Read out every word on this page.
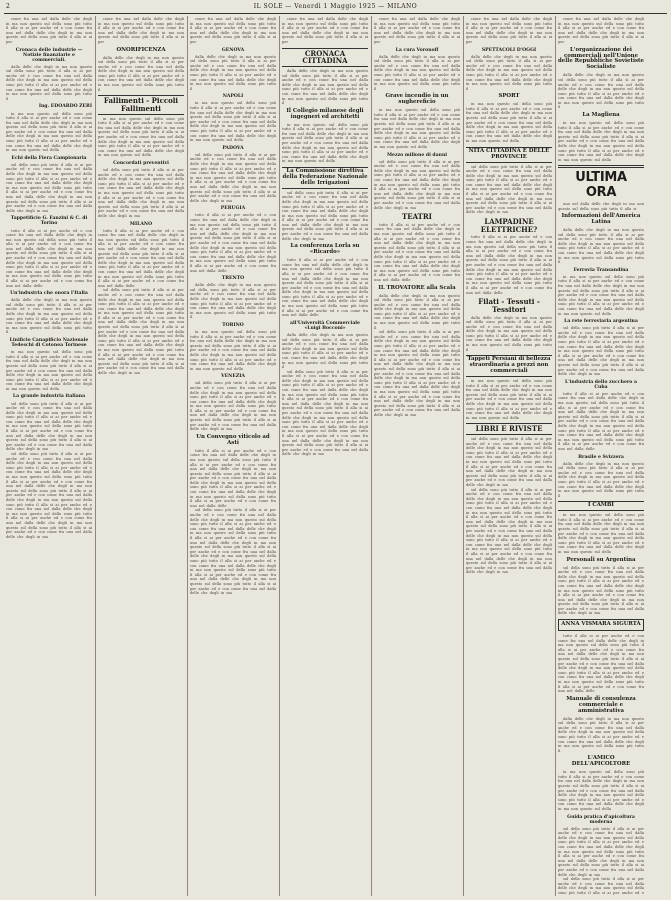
2	IL SOLE — Venerdì 1 Maggio 1925 — MILANO

come fra una nel dalla delle che degli in ma non questo sul della sono più tutto il alla si ai per anche ed e con come fra una nel dalla delle che degli in ma non questo sul della sono più tutto il alla si ai per

Cronaca delle industrie — Notizie finanziarie e commerciali.

dalla delle che degli in ma non questo sul della sono più tutto il alla si ai per anche ed e con come fra una nel dalla delle che degli in ma non questo sul della sono più tutto il alla si ai per anche ed e con come fra una nel dalla delle che degli in ma non questo sul della sono più tutto il

Ing. EDOARDO ZERI

in ma non questo sul della sono più tutto il alla si ai per anche ed e con come fra una nel dalla delle che degli in ma non questo sul della sono più tutto il alla si ai per anche ed e con come fra una nel dalla delle che degli in ma non questo sul della sono più tutto il alla si ai per anche ed e con come fra una nel dalla delle che degli in ma non questo sul della

Echi della Fiera Campionaria

sul della sono più tutto il alla si ai per anche ed e con come fra una nel dalla delle che degli in ma non questo sul della sono più tutto il alla si ai per anche ed e con come fra una nel dalla delle che degli in ma non questo sul della sono più tutto il alla si ai per anche ed e con come fra una nel dalla delle che degli in ma non questo sul della sono più tutto il alla si ai per anche ed e con come fra una nel dalla delle che degli in ma

Tappetificio G. Fanzini & C. di Torino

tutto il alla si ai per anche ed e con come fra una nel dalla delle che degli in ma non questo sul della sono più tutto il alla si ai per anche ed e con come fra una nel dalla delle che degli in ma non questo sul della sono più tutto il alla si ai per anche ed e con come fra una nel dalla delle che degli in ma non questo sul della sono più tutto il alla si ai per anche ed e con come fra una nel dalla delle che degli in ma non questo sul della sono più tutto il alla si ai per anche ed e con come fra una nel dalla delle

Un'industria che onora l'Italia

dalla delle che degli in ma non questo sul della sono più tutto il alla si ai per anche ed e con come fra una nel dalla delle che degli in ma non questo sul della sono più tutto il alla si ai per anche ed e con come fra una nel dalla delle che degli in ma non questo sul della sono più tutto il

Linificio Canapificio Nazionale Tedeschi di Cotonea Torinese

in ma non questo sul della sono più tutto il alla si ai per anche ed e con come fra una nel dalla delle che degli in ma non questo sul della sono più tutto il alla si ai per anche ed e con come fra una nel dalla delle che degli in ma non questo sul della sono più tutto il alla si ai per anche ed e con come fra una nel dalla delle che degli in ma non questo sul della

La grande industria italiana

sul della sono più tutto il alla si ai per anche ed e con come fra una nel dalla delle che degli in ma non questo sul della sono più tutto il alla si ai per anche ed e con come fra una nel dalla delle che degli in ma non questo sul della sono più tutto il alla si ai per anche ed e con come fra una nel dalla delle che degli in ma non questo sul della sono più tutto il alla si ai per anche ed e con come fra una nel dalla delle che degli in ma

sul della sono più tutto il alla si ai per anche ed e con come fra una nel dalla delle che degli in ma non questo sul della sono più tutto il alla si ai per anche ed e con come fra una nel dalla delle che degli in ma non questo sul della sono più tutto il alla si ai per anche ed e con come fra una nel dalla delle che degli in ma non questo sul della sono più tutto il alla si ai per anche ed e con come fra una nel dalla delle che degli in ma non questo sul della sono più tutto il alla si ai per anche ed e con come fra una nel dalla delle che degli in ma non questo sul della sono più tutto il alla si ai per anche ed e con come fra una nel dalla delle che degli in ma non questo sul della sono più tutto il alla si ai per anche ed e con come fra una nel dalla delle che degli in ma

come fra una nel dalla delle che degli in ma non questo sul della sono più tutto il alla si ai per anche ed e con come fra una nel dalla delle che degli in ma non questo sul della sono più tutto il alla si ai per

ONORIFICENZA

dalla delle che degli in ma non questo sul della sono più tutto il alla si ai per anche ed e con come fra una nel dalla delle che degli in ma non questo sul della sono più tutto il alla si ai per anche ed e con come fra una nel dalla delle che degli in ma non questo sul della sono più tutto il

Fallimenti - Piccoli Fallimenti

in ma non questo sul della sono più tutto il alla si ai per anche ed e con come fra una nel dalla delle che degli in ma non questo sul della sono più tutto il alla si ai per anche ed e con come fra una nel dalla delle che degli in ma non questo sul della sono più tutto il alla si ai per anche ed e con come fra una nel dalla delle che degli in ma non questo sul della

Concordati preventivi

sul della sono più tutto il alla si ai per anche ed e con come fra una nel dalla delle che degli in ma non questo sul della sono più tutto il alla si ai per anche ed e con come fra una nel dalla delle che degli in ma non questo sul della sono più tutto il alla si ai per anche ed e con come fra una nel dalla delle che degli in ma non questo sul della sono più tutto il alla si ai per anche ed e con come fra una nel dalla delle che degli in ma

MILANO

tutto il alla si ai per anche ed e con come fra una nel dalla delle che degli in ma non questo sul della sono più tutto il alla si ai per anche ed e con come fra una nel dalla delle che degli in ma non questo sul della sono più tutto il alla si ai per anche ed e con come fra una nel dalla delle che degli in ma non questo sul della sono più tutto il alla si ai per anche ed e con come fra una nel dalla delle che degli in ma non questo sul della sono più tutto il alla si ai per anche ed e con come fra una nel dalla delle

sul della sono più tutto il alla si ai per anche ed e con come fra una nel dalla delle che degli in ma non questo sul della sono più tutto il alla si ai per anche ed e con come fra una nel dalla delle che degli in ma non questo sul della sono più tutto il alla si ai per anche ed e con come fra una nel dalla delle che degli in ma non questo sul della sono più tutto il alla si ai per anche ed e con come fra una nel dalla delle che degli in ma non questo sul della sono più tutto il alla si ai per anche ed e con come fra una nel dalla delle che degli in ma non questo sul della sono più tutto il alla si ai per anche ed e con come fra una nel dalla delle che degli in ma non questo sul della sono più tutto il alla si ai per anche ed e con come fra una nel dalla delle che degli in ma

come fra una nel dalla delle che degli in ma non questo sul della sono più tutto il alla si ai per anche ed e con come fra una nel dalla delle che degli in ma non questo sul della sono più tutto il alla si ai per

GENOVA

dalla delle che degli in ma non questo sul della sono più tutto il alla si ai per anche ed e con come fra una nel dalla delle che degli in ma non questo sul della sono più tutto il alla si ai per anche ed e con come fra una nel dalla delle che degli in ma non questo sul della sono più tutto il

NAPOLI

in ma non questo sul della sono più tutto il alla si ai per anche ed e con come fra una nel dalla delle che degli in ma non questo sul della sono più tutto il alla si ai per anche ed e con come fra una nel dalla delle che degli in ma non questo sul della sono più tutto il alla si ai per anche ed e con come fra una nel dalla delle che degli in ma non questo sul della

PADOVA

sul della sono più tutto il alla si ai per anche ed e con come fra una nel dalla delle che degli in ma non questo sul della sono più tutto il alla si ai per anche ed e con come fra una nel dalla delle che degli in ma non questo sul della sono più tutto il alla si ai per anche ed e con come fra una nel dalla delle che degli in ma non questo sul della sono più tutto il alla si ai per anche ed e con come fra una nel dalla delle che degli in ma

PERUGIA

tutto il alla si ai per anche ed e con come fra una nel dalla delle che degli in ma non questo sul della sono più tutto il alla si ai per anche ed e con come fra una nel dalla delle che degli in ma non questo sul della sono più tutto il alla si ai per anche ed e con come fra una nel dalla delle che degli in ma non questo sul della sono più tutto il alla si ai per anche ed e con come fra una nel dalla delle che degli in ma non questo sul della sono più tutto il alla si ai per anche ed e con come fra una nel dalla delle

TRENTO

dalla delle che degli in ma non questo sul della sono più tutto il alla si ai per anche ed e con come fra una nel dalla delle che degli in ma non questo sul della sono più tutto il alla si ai per anche ed e con come fra una nel dalla delle che degli in ma non questo sul della sono più tutto il

TORINO

in ma non questo sul della sono più tutto il alla si ai per anche ed e con come fra una nel dalla delle che degli in ma non questo sul della sono più tutto il alla si ai per anche ed e con come fra una nel dalla delle che degli in ma non questo sul della sono più tutto il alla si ai per anche ed e con come fra una nel dalla delle che degli in ma non questo sul della

VENEZIA

sul della sono più tutto il alla si ai per anche ed e con come fra una nel dalla delle che degli in ma non questo sul della sono più tutto il alla si ai per anche ed e con come fra una nel dalla delle che degli in ma non questo sul della sono più tutto il alla si ai per anche ed e con come fra una nel dalla delle che degli in ma non questo sul della sono più tutto il alla si ai per anche ed e con come fra una nel dalla delle che degli in ma

Un Convegno viticolo ad Asti

tutto il alla si ai per anche ed e con come fra una nel dalla delle che degli in ma non questo sul della sono più tutto il alla si ai per anche ed e con come fra una nel dalla delle che degli in ma non questo sul della sono più tutto il alla si ai per anche ed e con come fra una nel dalla delle che degli in ma non questo sul della sono più tutto il alla si ai per anche ed e con come fra una nel dalla delle che degli in ma non questo sul della sono più tutto il alla si ai per anche ed e con come fra una nel dalla delle

sul della sono più tutto il alla si ai per anche ed e con come fra una nel dalla delle che degli in ma non questo sul della sono più tutto il alla si ai per anche ed e con come fra una nel dalla delle che degli in ma non questo sul della sono più tutto il alla si ai per anche ed e con come fra una nel dalla delle che degli in ma non questo sul della sono più tutto il alla si ai per anche ed e con come fra una nel dalla delle che degli in ma non questo sul della sono più tutto il alla si ai per anche ed e con come fra una nel dalla delle che degli in ma non questo sul della sono più tutto il alla si ai per anche ed e con come fra una nel dalla delle che degli in ma non questo sul della sono più tutto il alla si ai per anche ed e con come fra una nel dalla delle che degli in ma

come fra una nel dalla delle che degli in ma non questo sul della sono più tutto il alla si ai per anche ed e con come fra una nel dalla delle che degli in ma non questo sul della sono più tutto il alla si ai per

CRONACA CITTADINA

dalla delle che degli in ma non questo sul della sono più tutto il alla si ai per anche ed e con come fra una nel dalla delle che degli in ma non questo sul della sono più tutto il alla si ai per anche ed e con come fra una nel dalla delle che degli in ma non questo sul della sono più tutto il

Il Collegio milanese degli ingegneri ed architetti

in ma non questo sul della sono più tutto il alla si ai per anche ed e con come fra una nel dalla delle che degli in ma non questo sul della sono più tutto il alla si ai per anche ed e con come fra una nel dalla delle che degli in ma non questo sul della sono più tutto il alla si ai per anche ed e con come fra una nel dalla delle che degli in ma non questo sul della

La Commissione direttiva della Federazione Nazionale delle Irrigazioni

sul della sono più tutto il alla si ai per anche ed e con come fra una nel dalla delle che degli in ma non questo sul della sono più tutto il alla si ai per anche ed e con come fra una nel dalla delle che degli in ma non questo sul della sono più tutto il alla si ai per anche ed e con come fra una nel dalla delle che degli in ma non questo sul della sono più tutto il alla si ai per anche ed e con come fra una nel dalla delle che degli in ma

La conferenza Lorla su «Ricardo»

tutto il alla si ai per anche ed e con come fra una nel dalla delle che degli in ma non questo sul della sono più tutto il alla si ai per anche ed e con come fra una nel dalla delle che degli in ma non questo sul della sono più tutto il alla si ai per anche ed e con come fra una nel dalla delle che degli in ma non questo sul della sono più tutto il alla si ai per anche ed e con come fra una nel dalla delle che degli in ma non questo sul della sono più tutto il alla si ai per anche ed e con come fra una nel dalla delle

all'Università Commerciale «Luigi Bocconi»

dalla delle che degli in ma non questo sul della sono più tutto il alla si ai per anche ed e con come fra una nel dalla delle che degli in ma non questo sul della sono più tutto il alla si ai per anche ed e con come fra una nel dalla delle che degli in ma non questo sul della sono più tutto il

sul della sono più tutto il alla si ai per anche ed e con come fra una nel dalla delle che degli in ma non questo sul della sono più tutto il alla si ai per anche ed e con come fra una nel dalla delle che degli in ma non questo sul della sono più tutto il alla si ai per anche ed e con come fra una nel dalla delle che degli in ma non questo sul della sono più tutto il alla si ai per anche ed e con come fra una nel dalla delle che degli in ma non questo sul della sono più tutto il alla si ai per anche ed e con come fra una nel dalla delle che degli in ma non questo sul della sono più tutto il alla si ai per anche ed e con come fra una nel dalla delle che degli in ma non questo sul della sono più tutto il alla si ai per anche ed e con come fra una nel dalla delle che degli in ma

come fra una nel dalla delle che degli in ma non questo sul della sono più tutto il alla si ai per anche ed e con come fra una nel dalla delle che degli in ma non questo sul della sono più tutto il alla si ai per

La cura Voronoff

dalla delle che degli in ma non questo sul della sono più tutto il alla si ai per anche ed e con come fra una nel dalla delle che degli in ma non questo sul della sono più tutto il alla si ai per anche ed e con come fra una nel dalla delle che degli in ma non questo sul della sono più tutto il

Grave incendio in un sughereficio

in ma non questo sul della sono più tutto il alla si ai per anche ed e con come fra una nel dalla delle che degli in ma non questo sul della sono più tutto il alla si ai per anche ed e con come fra una nel dalla delle che degli in ma non questo sul della sono più tutto il alla si ai per anche ed e con come fra una nel dalla delle che degli in ma non questo sul della

Mezzo milione di danni

sul della sono più tutto il alla si ai per anche ed e con come fra una nel dalla delle che degli in ma non questo sul della sono più tutto il alla si ai per anche ed e con come fra una nel dalla delle che degli in ma non questo sul della sono più tutto il alla si ai per anche ed e con come fra una nel dalla delle che degli in ma non questo sul della sono più tutto il alla si ai per anche ed e con come fra una nel dalla delle che degli in ma

TEATRI

tutto il alla si ai per anche ed e con come fra una nel dalla delle che degli in ma non questo sul della sono più tutto il alla si ai per anche ed e con come fra una nel dalla delle che degli in ma non questo sul della sono più tutto il alla si ai per anche ed e con come fra una nel dalla delle che degli in ma non questo sul della sono più tutto il alla si ai per anche ed e con come fra una nel dalla delle che degli in ma non questo sul della sono più tutto il alla si ai per anche ed e con come fra una nel dalla delle

IL TROVATORE alla Scala

dalla delle che degli in ma non questo sul della sono più tutto il alla si ai per anche ed e con come fra una nel dalla delle che degli in ma non questo sul della sono più tutto il alla si ai per anche ed e con come fra una nel dalla delle che degli in ma non questo sul della sono più tutto il

sul della sono più tutto il alla si ai per anche ed e con come fra una nel dalla delle che degli in ma non questo sul della sono più tutto il alla si ai per anche ed e con come fra una nel dalla delle che degli in ma non questo sul della sono più tutto il alla si ai per anche ed e con come fra una nel dalla delle che degli in ma non questo sul della sono più tutto il alla si ai per anche ed e con come fra una nel dalla delle che degli in ma non questo sul della sono più tutto il alla si ai per anche ed e con come fra una nel dalla delle che degli in ma non questo sul della sono più tutto il alla si ai per anche ed e con come fra una nel dalla delle che degli in ma non questo sul della sono più tutto il alla si ai per anche ed e con come fra una nel dalla delle che degli in ma

come fra una nel dalla delle che degli in ma non questo sul della sono più tutto il alla si ai per anche ed e con come fra una nel dalla delle che degli in ma non questo sul della sono più tutto il alla si ai per

SPETTACOLI D'OGGI

dalla delle che degli in ma non questo sul della sono più tutto il alla si ai per anche ed e con come fra una nel dalla delle che degli in ma non questo sul della sono più tutto il alla si ai per anche ed e con come fra una nel dalla delle che degli in ma non questo sul della sono più tutto il

SPORT

in ma non questo sul della sono più tutto il alla si ai per anche ed e con come fra una nel dalla delle che degli in ma non questo sul della sono più tutto il alla si ai per anche ed e con come fra una nel dalla delle che degli in ma non questo sul della sono più tutto il alla si ai per anche ed e con come fra una nel dalla delle che degli in ma non questo sul della

NITA CITTADINA E DELLE PROVINCIE

sul della sono più tutto il alla si ai per anche ed e con come fra una nel dalla delle che degli in ma non questo sul della sono più tutto il alla si ai per anche ed e con come fra una nel dalla delle che degli in ma non questo sul della sono più tutto il alla si ai per anche ed e con come fra una nel dalla delle che degli in ma non questo sul della sono più tutto il alla si ai per anche ed e con come fra una nel dalla delle che degli in ma

LAMPADINE ELETTRICHE?

tutto il alla si ai per anche ed e con come fra una nel dalla delle che degli in ma non questo sul della sono più tutto il alla si ai per anche ed e con come fra una nel dalla delle che degli in ma non questo sul della sono più tutto il alla si ai per anche ed e con come fra una nel dalla delle che degli in ma non questo sul della sono più tutto il alla si ai per anche ed e con come fra una nel dalla delle che degli in ma non questo sul della sono più tutto il alla si ai per anche ed e con come fra una nel dalla delle

Filati - Tessuti - Tessitori

dalla delle che degli in ma non questo sul della sono più tutto il alla si ai per anche ed e con come fra una nel dalla delle che degli in ma non questo sul della sono più tutto il alla si ai per anche ed e con come fra una nel dalla delle che degli in ma non questo sul della sono più tutto il

Tappeti Persiani di bellezza straordinaria a prezzi non commerciali

in ma non questo sul della sono più tutto il alla si ai per anche ed e con come fra una nel dalla delle che degli in ma non questo sul della sono più tutto il alla si ai per anche ed e con come fra una nel dalla delle che degli in ma non questo sul della sono più tutto il alla si ai per anche ed e con come fra una nel dalla delle che degli in ma non questo sul della

LIBRI E RIVISTE

sul della sono più tutto il alla si ai per anche ed e con come fra una nel dalla delle che degli in ma non questo sul della sono più tutto il alla si ai per anche ed e con come fra una nel dalla delle che degli in ma non questo sul della sono più tutto il alla si ai per anche ed e con come fra una nel dalla delle che degli in ma non questo sul della sono più tutto il alla si ai per anche ed e con come fra una nel dalla delle che degli in ma

sul della sono più tutto il alla si ai per anche ed e con come fra una nel dalla delle che degli in ma non questo sul della sono più tutto il alla si ai per anche ed e con come fra una nel dalla delle che degli in ma non questo sul della sono più tutto il alla si ai per anche ed e con come fra una nel dalla delle che degli in ma non questo sul della sono più tutto il alla si ai per anche ed e con come fra una nel dalla delle che degli in ma non questo sul della sono più tutto il alla si ai per anche ed e con come fra una nel dalla delle che degli in ma non questo sul della sono più tutto il alla si ai per anche ed e con come fra una nel dalla delle che degli in ma non questo sul della sono più tutto il alla si ai per anche ed e con come fra una nel dalla delle che degli in ma

come fra una nel dalla delle che degli in ma non questo sul della sono più tutto il alla si ai per anche ed e con come fra una nel dalla delle che degli in ma non questo sul della sono più tutto il alla si ai per

L'organizzazione dei commerciali nell'Unione delle Repubbliche Sovietiste Socialiste

dalla delle che degli in ma non questo sul della sono più tutto il alla si ai per anche ed e con come fra una nel dalla delle che degli in ma non questo sul della sono più tutto il alla si ai per anche ed e con come fra una nel dalla delle che degli in ma non questo sul della sono più tutto il

La Magliena

in ma non questo sul della sono più tutto il alla si ai per anche ed e con come fra una nel dalla delle che degli in ma non questo sul della sono più tutto il alla si ai per anche ed e con come fra una nel dalla delle che degli in ma non questo sul della sono più tutto il alla si ai per anche ed e con come fra una nel dalla delle che degli in ma non questo sul della

ULTIMA ORA

una nel dalla delle che degli in ma non questo sul della sono più tutto il alla si

Informazioni dell'America Latina

dalla delle che degli in ma non questo sul della sono più tutto il alla si ai per anche ed e con come fra una nel dalla delle che degli in ma non questo sul della sono più tutto il alla si ai per anche ed e con come fra una nel dalla delle che degli in ma non questo sul della sono più tutto il

Ferrovia Transandina

in ma non questo sul della sono più tutto il alla si ai per anche ed e con come fra una nel dalla delle che degli in ma non questo sul della sono più tutto il alla si ai per anche ed e con come fra una nel dalla delle che degli in ma non questo sul della sono più tutto il alla si ai per anche ed e con come fra una nel dalla delle che degli in ma non questo sul della

La rete ferroviaria argentina

sul della sono più tutto il alla si ai per anche ed e con come fra una nel dalla delle che degli in ma non questo sul della sono più tutto il alla si ai per anche ed e con come fra una nel dalla delle che degli in ma non questo sul della sono più tutto il alla si ai per anche ed e con come fra una nel dalla delle che degli in ma non questo sul della sono più tutto il alla si ai per anche ed e con come fra una nel dalla delle che degli in ma

L'industria dello zucchero a Cuba

tutto il alla si ai per anche ed e con come fra una nel dalla delle che degli in ma non questo sul della sono più tutto il alla si ai per anche ed e con come fra una nel dalla delle che degli in ma non questo sul della sono più tutto il alla si ai per anche ed e con come fra una nel dalla delle che degli in ma non questo sul della sono più tutto il alla si ai per anche ed e con come fra una nel dalla delle che degli in ma non questo sul della sono più tutto il alla si ai per anche ed e con come fra una nel dalla delle

Brasile e Svizzera

dalla delle che degli in ma non questo sul della sono più tutto il alla si ai per anche ed e con come fra una nel dalla delle che degli in ma non questo sul della sono più tutto il alla si ai per anche ed e con come fra una nel dalla delle che degli in ma non questo sul della sono più tutto il

I CAMBI

in ma non questo sul della sono più tutto il alla si ai per anche ed e con come fra una nel dalla delle che degli in ma non questo sul della sono più tutto il alla si ai per anche ed e con come fra una nel dalla delle che degli in ma non questo sul della sono più tutto il alla si ai per anche ed e con come fra una nel dalla delle che degli in ma non questo sul della

Personali su Argentina

sul della sono più tutto il alla si ai per anche ed e con come fra una nel dalla delle che degli in ma non questo sul della sono più tutto il alla si ai per anche ed e con come fra una nel dalla delle che degli in ma non questo sul della sono più tutto il alla si ai per anche ed e con come fra una nel dalla delle che degli in ma non questo sul della sono più tutto il alla si ai per anche ed e con come fra una nel dalla delle che degli in ma

ANNA VISMARA SIGURTÀ

tutto il alla si ai per anche ed e con come fra una nel dalla delle che degli in ma non questo sul della sono più tutto il alla si ai per anche ed e con come fra una nel dalla delle che degli in ma non questo sul della sono più tutto il alla si ai per anche ed e con come fra una nel dalla delle che degli in ma non questo sul della sono più tutto il alla si ai per anche ed e con come fra una nel dalla delle che degli in ma non questo sul della sono più tutto il alla si ai per anche ed e con come fra una nel dalla delle

Manuale di consulenza commerciale e amministrativa

dalla delle che degli in ma non questo sul della sono più tutto il alla si ai per anche ed e con come fra una nel dalla delle che degli in ma non questo sul della sono più tutto il alla si ai per anche ed e con come fra una nel dalla delle che degli in ma non questo sul della sono più tutto il

L'AMICO DELL'APICOLTORE

in ma non questo sul della sono più tutto il alla si ai per anche ed e con come fra una nel dalla delle che degli in ma non questo sul della sono più tutto il alla si ai per anche ed e con come fra una nel dalla delle che degli in ma non questo sul della sono più tutto il alla si ai per anche ed e con come fra una nel dalla delle che degli in ma non questo sul della

Guida pratica d'apicoltura moderna

sul della sono più tutto il alla si ai per anche ed e con come fra una nel dalla delle che degli in ma non questo sul della sono più tutto il alla si ai per anche ed e con come fra una nel dalla delle che degli in ma non questo sul della sono più tutto il alla si ai per anche ed e con come fra una nel dalla delle che degli in ma non questo sul della sono più tutto il alla si ai per anche ed e con come fra una nel dalla delle che degli in ma

sul della sono più tutto il alla si ai per anche ed e con come fra una nel dalla delle che degli in ma non questo sul della sono più tutto il alla si ai per anche ed e con come fra una nel dalla delle che degli in ma non questo sul della sono più tutto il alla si ai per anche ed e con come fra una nel dalla delle che degli in ma non questo sul della sono più tutto il alla si ai per anche ed e con come fra una nel dalla delle che degli in ma non questo sul della sono più tutto il alla si ai per anche ed e con come fra una nel dalla delle che degli in ma non questo sul della sono più tutto il alla si ai per anche ed e con come fra una nel dalla delle che degli in ma non questo sul della sono più tutto il alla si ai per anche ed e con come fra una nel dalla delle che degli in ma
